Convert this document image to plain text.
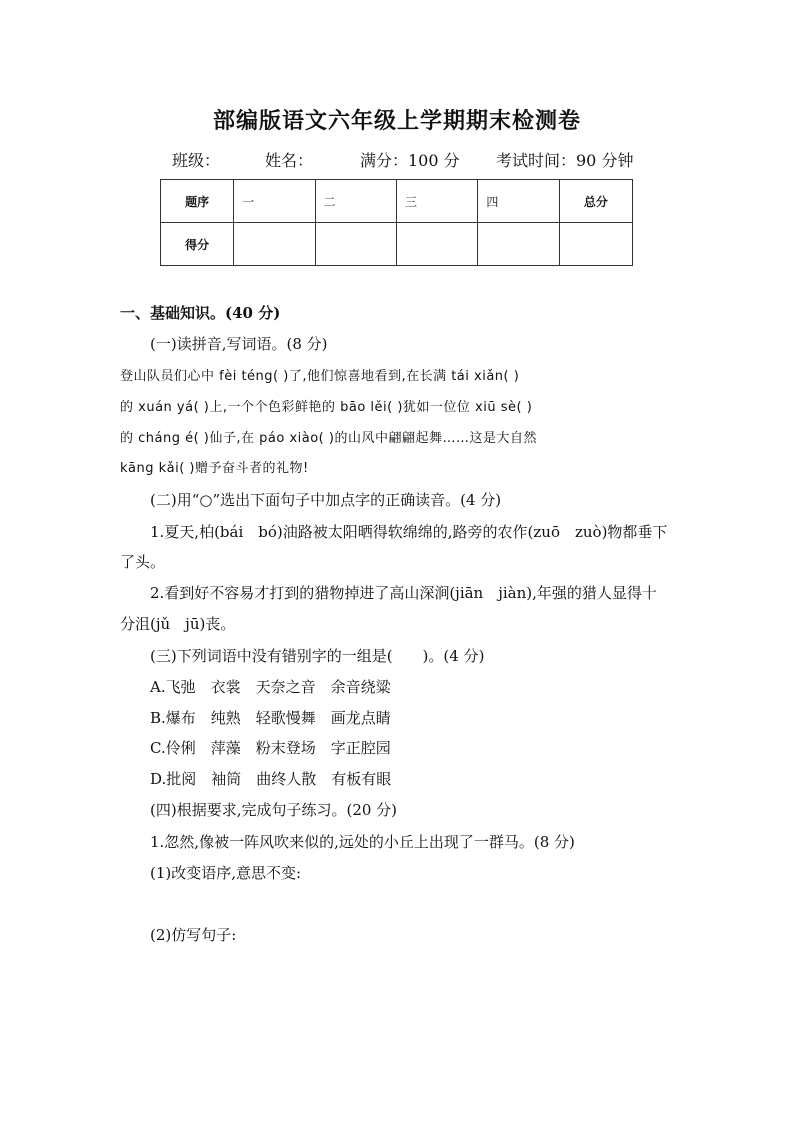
部编版语文六年级上学期期末检测卷
班级：	姓名：	满分：100 分 考试时间：90 分钟
题序	一	二	三	四	总分
得分					
一、基础知识。(40 分)
(一)读拼音,写词语。(8 分)
登山队员们心中 fèi téng( )了,他们惊喜地看到,在长满 tái xiǎn( )
的 xuán yá( )上,一个个色彩鲜艳的 bāo lěi( )犹如一位位 xiū sè( )
的 cháng é( )仙子,在 páo xiào( )的山风中翩翩起舞……这是大自然
kāng kǎi( )赠予奋斗者的礼物!
(二)用“○”选出下面句子中加点字的正确读音。(4 分)
1.夏天,柏(bái　bó)油路被太阳晒得软绵绵的,路旁的农作(zuō　zuò)物都垂下
了头。
2.看到好不容易才打到的猎物掉进了高山深涧(jiān　jiàn),年强的猎人显得十
分沮(jǔ　jū)丧。
(三)下列词语中没有错别字的一组是(　　)。(4 分)
A.飞弛　衣裳　天奈之音　余音绕粱
B.爆布　纯熟　轻歌慢舞　画龙点睛
C.伶俐　萍藻　粉末登场　字正腔园
D.批阅　袖筒　曲终人散　有板有眼
(四)根据要求,完成句子练习。(20 分)
1.忽然,像被一阵风吹来似的,远处的小丘上出现了一群马。(8 分)
(1)改变语序,意思不变:
(2)仿写句子:
